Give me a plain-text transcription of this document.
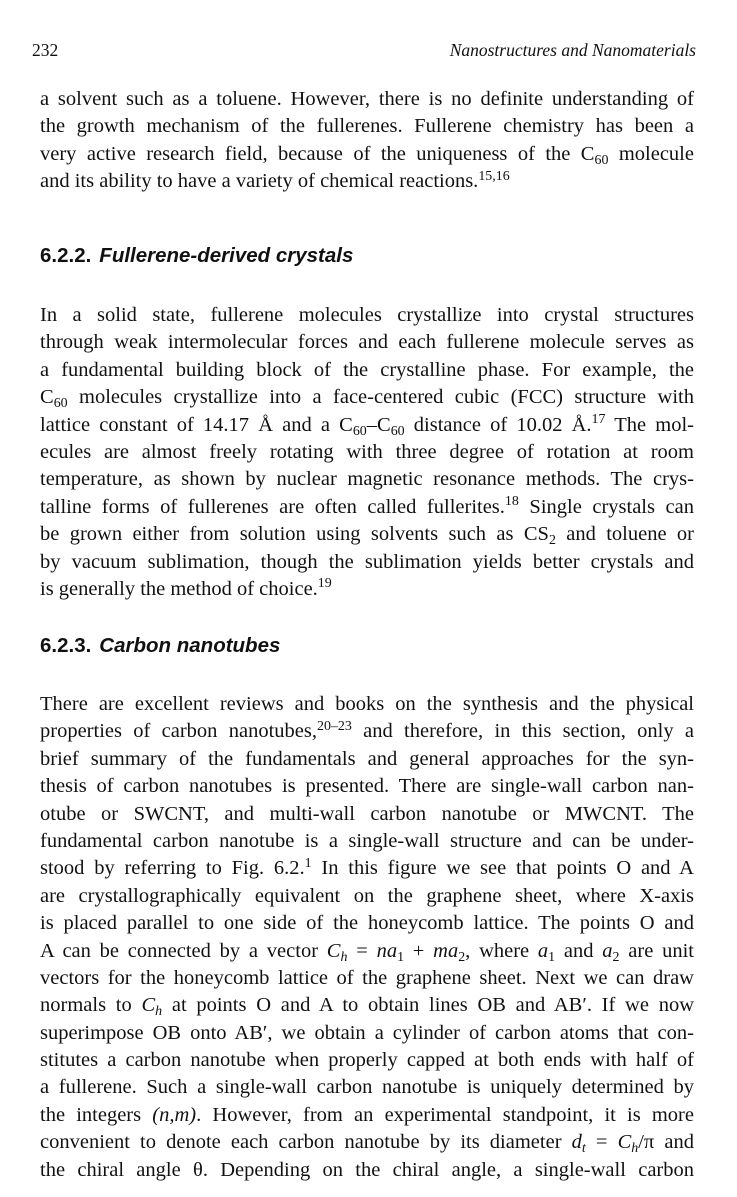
232	Nanostructures and Nanomaterials
a solvent such as a toluene. However, there is no definite understanding of
the growth mechanism of the fullerenes. Fullerene chemistry has been a
very active research field, because of the uniqueness of the $C_{60}$ molecule
and its ability to have a variety of chemical reactions.$^{15,16}$
6.2.2. Fullerene-derived crystals
In a solid state, fullerene molecules crystallize into crystal structures
through weak intermolecular forces and each fullerene molecule serves as
a fundamental building block of the crystalline phase. For example, the
$C_{60}$ molecules crystallize into a face-centered cubic (FCC) structure with
lattice constant of 14.17 Å and a $C_{60}-C_{60}$ distance of 10.02 Å.$^{17}$ The mol-
ecules are almost freely rotating with three degree of rotation at room
temperature, as shown by nuclear magnetic resonance methods. The crys-
talline forms of fullerenes are often called fullerites.$^{18}$ Single crystals can
be grown either from solution using solvents such as $CS_2$ and toluene or
by vacuum sublimation, though the sublimation yields better crystals and
is generally the method of choice.$^{19}$
6.2.3. Carbon nanotubes
There are excellent reviews and books on the synthesis and the physical
properties of carbon nanotubes,$^{20-23}$ and therefore, in this section, only a
brief summary of the fundamentals and general approaches for the syn-
thesis of carbon nanotubes is presented. There are single-wall carbon nan-
otube or SWCNT, and multi-wall carbon nanotube or MWCNT. The
fundamental carbon nanotube is a single-wall structure and can be under-
stood by referring to Fig. 6.2.$^1$ In this figure we see that points O and A
are crystallographically equivalent on the graphene sheet, where X-axis
is placed parallel to one side of the honeycomb lattice. The points O and
A can be connected by a vector $C_h = na_1 + ma_2$, where $a_1$ and $a_2$ are unit
vectors for the honeycomb lattice of the graphene sheet. Next we can draw
normals to $C_h$ at points O and A to obtain lines OB and AB′. If we now
superimpose OB onto AB′, we obtain a cylinder of carbon atoms that con-
stitutes a carbon nanotube when properly capped at both ends with half of
a fullerene. Such a single-wall carbon nanotube is uniquely determined by
the integers (n,m). However, from an experimental standpoint, it is more
convenient to denote each carbon nanotube by its diameter $d_t = C_h/\pi$ and
the chiral angle θ. Depending on the chiral angle, a single-wall carbon
